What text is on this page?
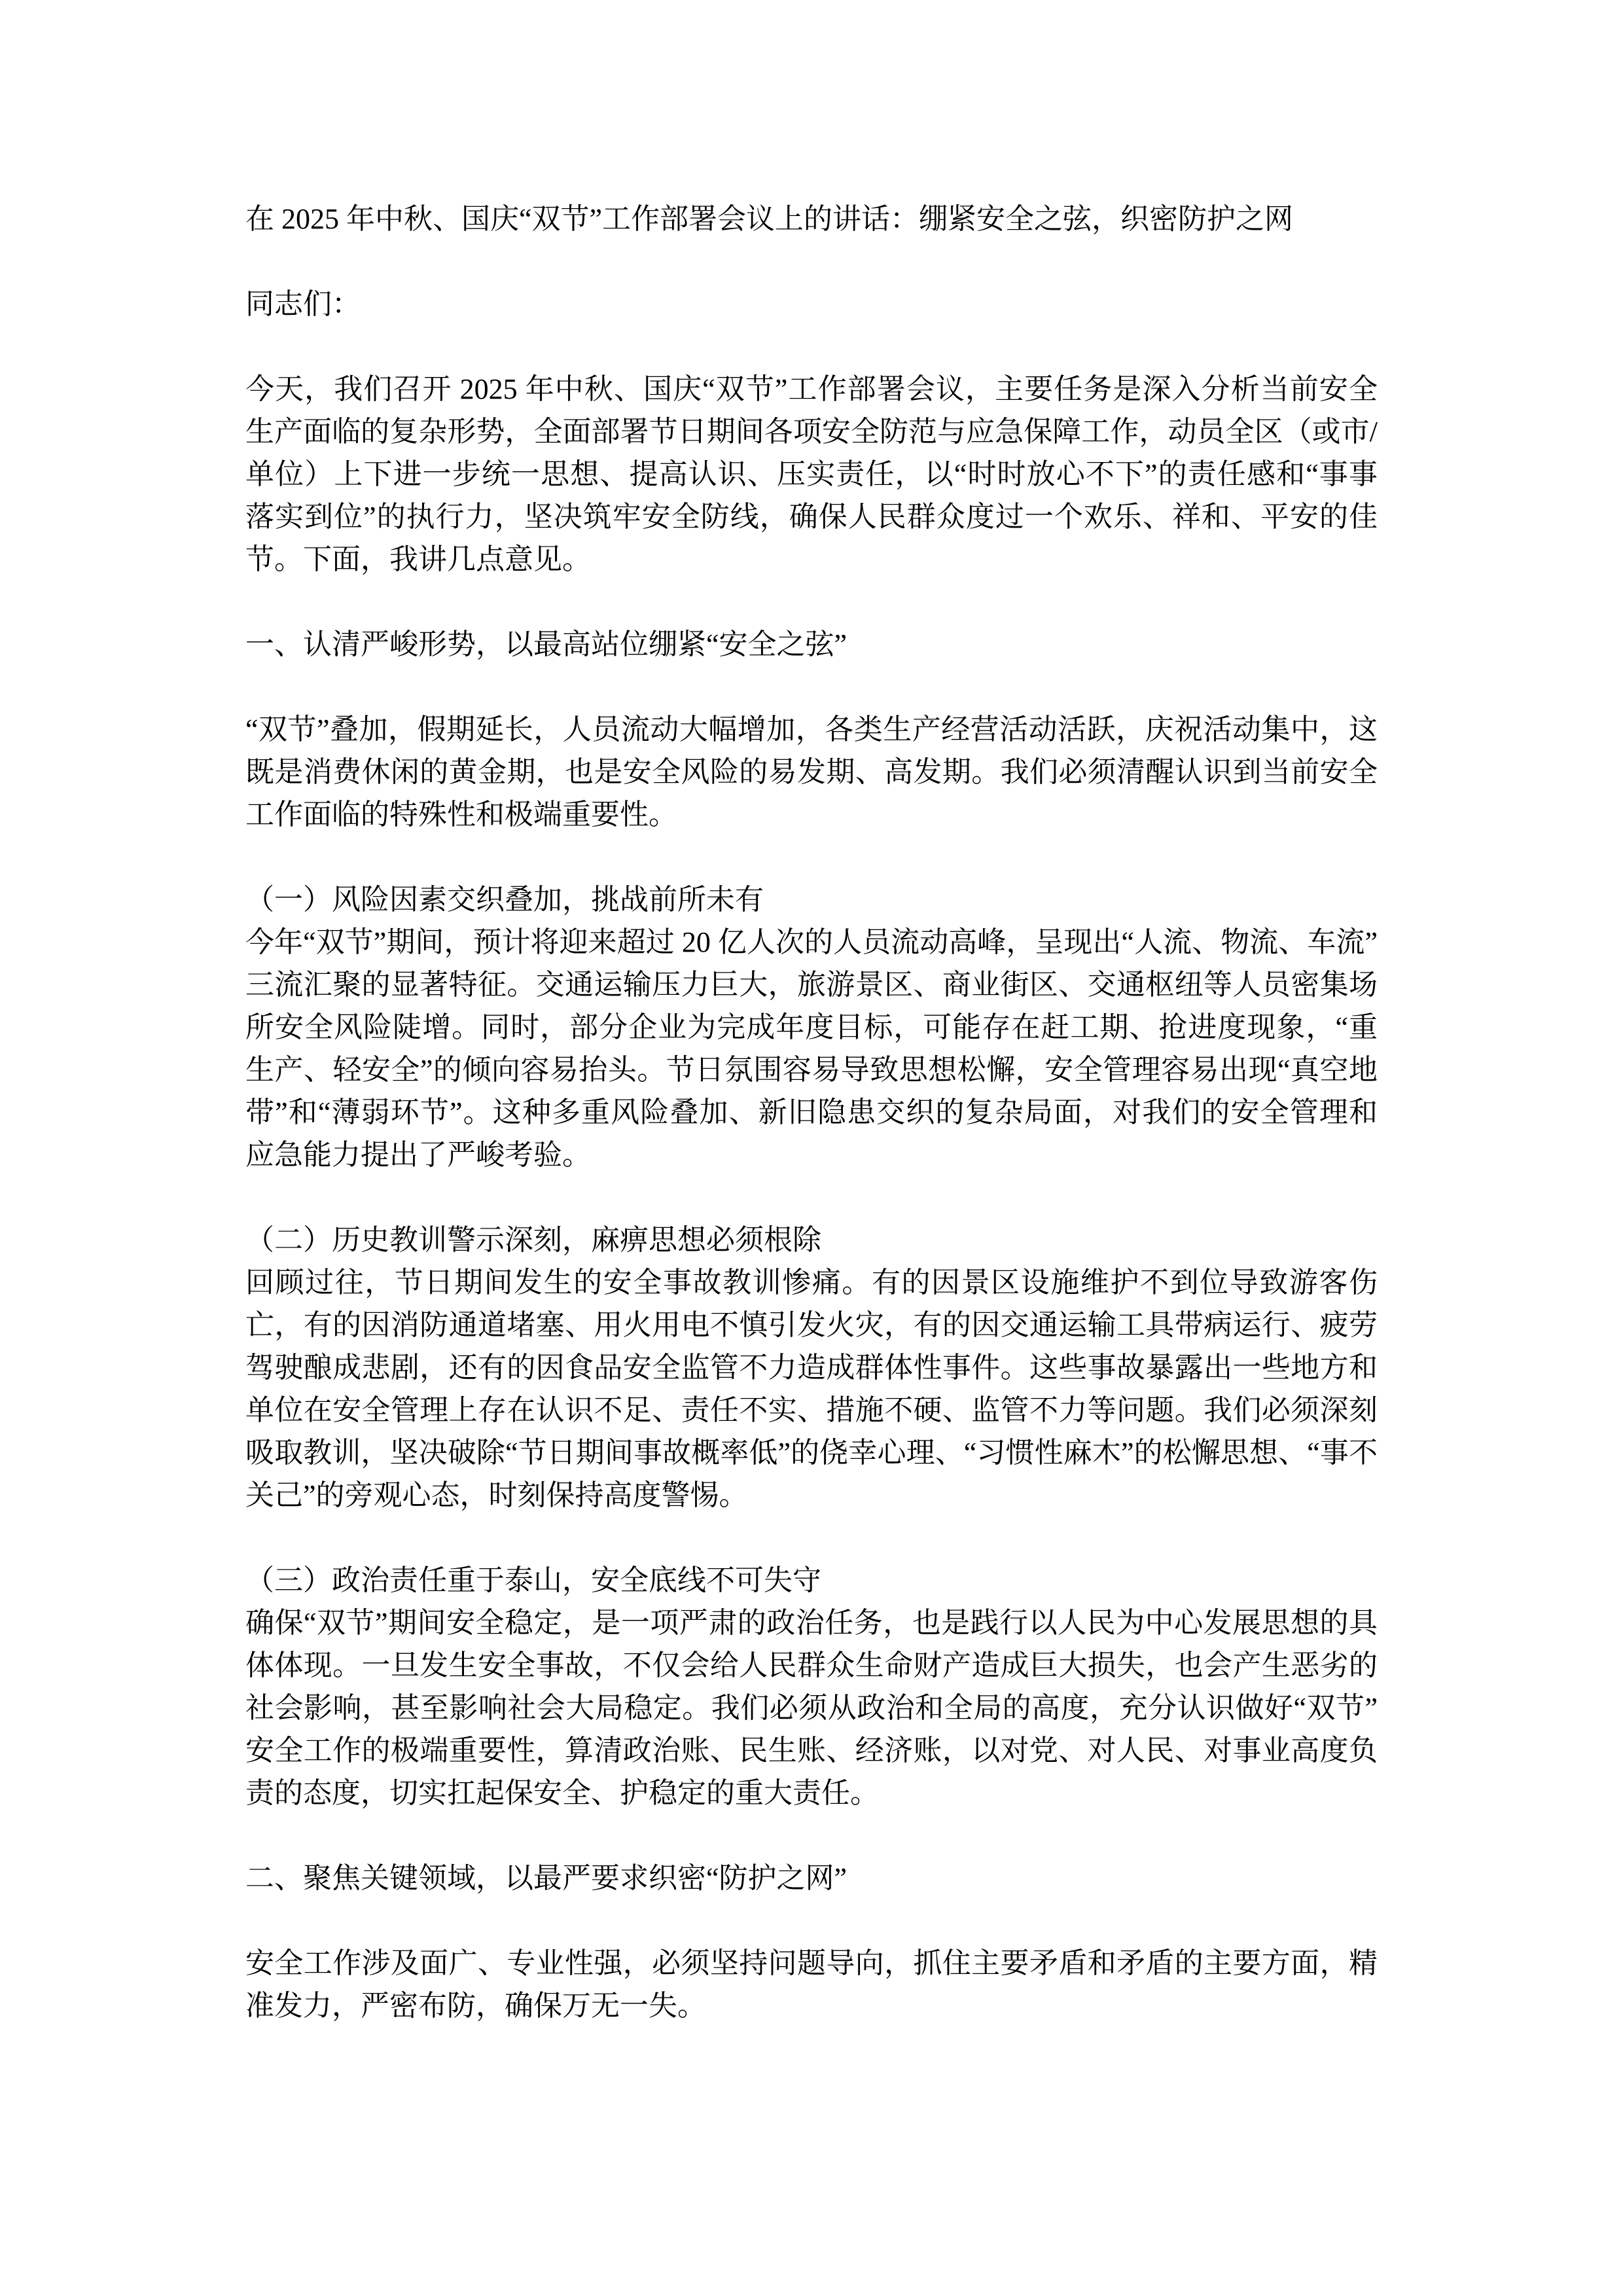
在 2025 年中秋、国庆“双节”工作部署会议上的讲话：绷紧安全之弦，织密防护之网

同志们：

今天，我们召开 2025 年中秋、国庆“双节”工作部署会议，主要任务是深入分析当前安全生产面临的复杂形势，全面部署节日期间各项安全防范与应急保障工作，动员全区（或市/单位）上下进一步统一思想、提高认识、压实责任，以“时时放心不下”的责任感和“事事落实到位”的执行力，坚决筑牢安全防线，确保人民群众度过一个欢乐、祥和、平安的佳节。下面，我讲几点意见。

一、认清严峻形势，以最高站位绷紧“安全之弦”

“双节”叠加，假期延长，人员流动大幅增加，各类生产经营活动活跃，庆祝活动集中，这既是消费休闲的黄金期，也是安全风险的易发期、高发期。我们必须清醒认识到当前安全工作面临的特殊性和极端重要性。

（一）风险因素交织叠加，挑战前所未有

今年“双节”期间，预计将迎来超过 20 亿人次的人员流动高峰，呈现出“人流、物流、车流”三流汇聚的显著特征。交通运输压力巨大，旅游景区、商业街区、交通枢纽等人员密集场所安全风险陡增。同时，部分企业为完成年度目标，可能存在赶工期、抢进度现象，“重生产、轻安全”的倾向容易抬头。节日氛围容易导致思想松懈，安全管理容易出现“真空地带”和“薄弱环节”。这种多重风险叠加、新旧隐患交织的复杂局面，对我们的安全管理和应急能力提出了严峻考验。

（二）历史教训警示深刻，麻痹思想必须根除

回顾过往，节日期间发生的安全事故教训惨痛。有的因景区设施维护不到位导致游客伤亡，有的因消防通道堵塞、用火用电不慎引发火灾，有的因交通运输工具带病运行、疲劳驾驶酿成悲剧，还有的因食品安全监管不力造成群体性事件。这些事故暴露出一些地方和单位在安全管理上存在认识不足、责任不实、措施不硬、监管不力等问题。我们必须深刻吸取教训，坚决破除“节日期间事故概率低”的侥幸心理、“习惯性麻木”的松懈思想、“事不关己”的旁观心态，时刻保持高度警惕。

（三）政治责任重于泰山，安全底线不可失守

确保“双节”期间安全稳定，是一项严肃的政治任务，也是践行以人民为中心发展思想的具体体现。一旦发生安全事故，不仅会给人民群众生命财产造成巨大损失，也会产生恶劣的社会影响，甚至影响社会大局稳定。我们必须从政治和全局的高度，充分认识做好“双节”安全工作的极端重要性，算清政治账、民生账、经济账，以对党、对人民、对事业高度负责的态度，切实扛起保安全、护稳定的重大责任。

二、聚焦关键领域，以最严要求织密“防护之网”

安全工作涉及面广、专业性强，必须坚持问题导向，抓住主要矛盾和矛盾的主要方面，精准发力，严密布防，确保万无一失。
